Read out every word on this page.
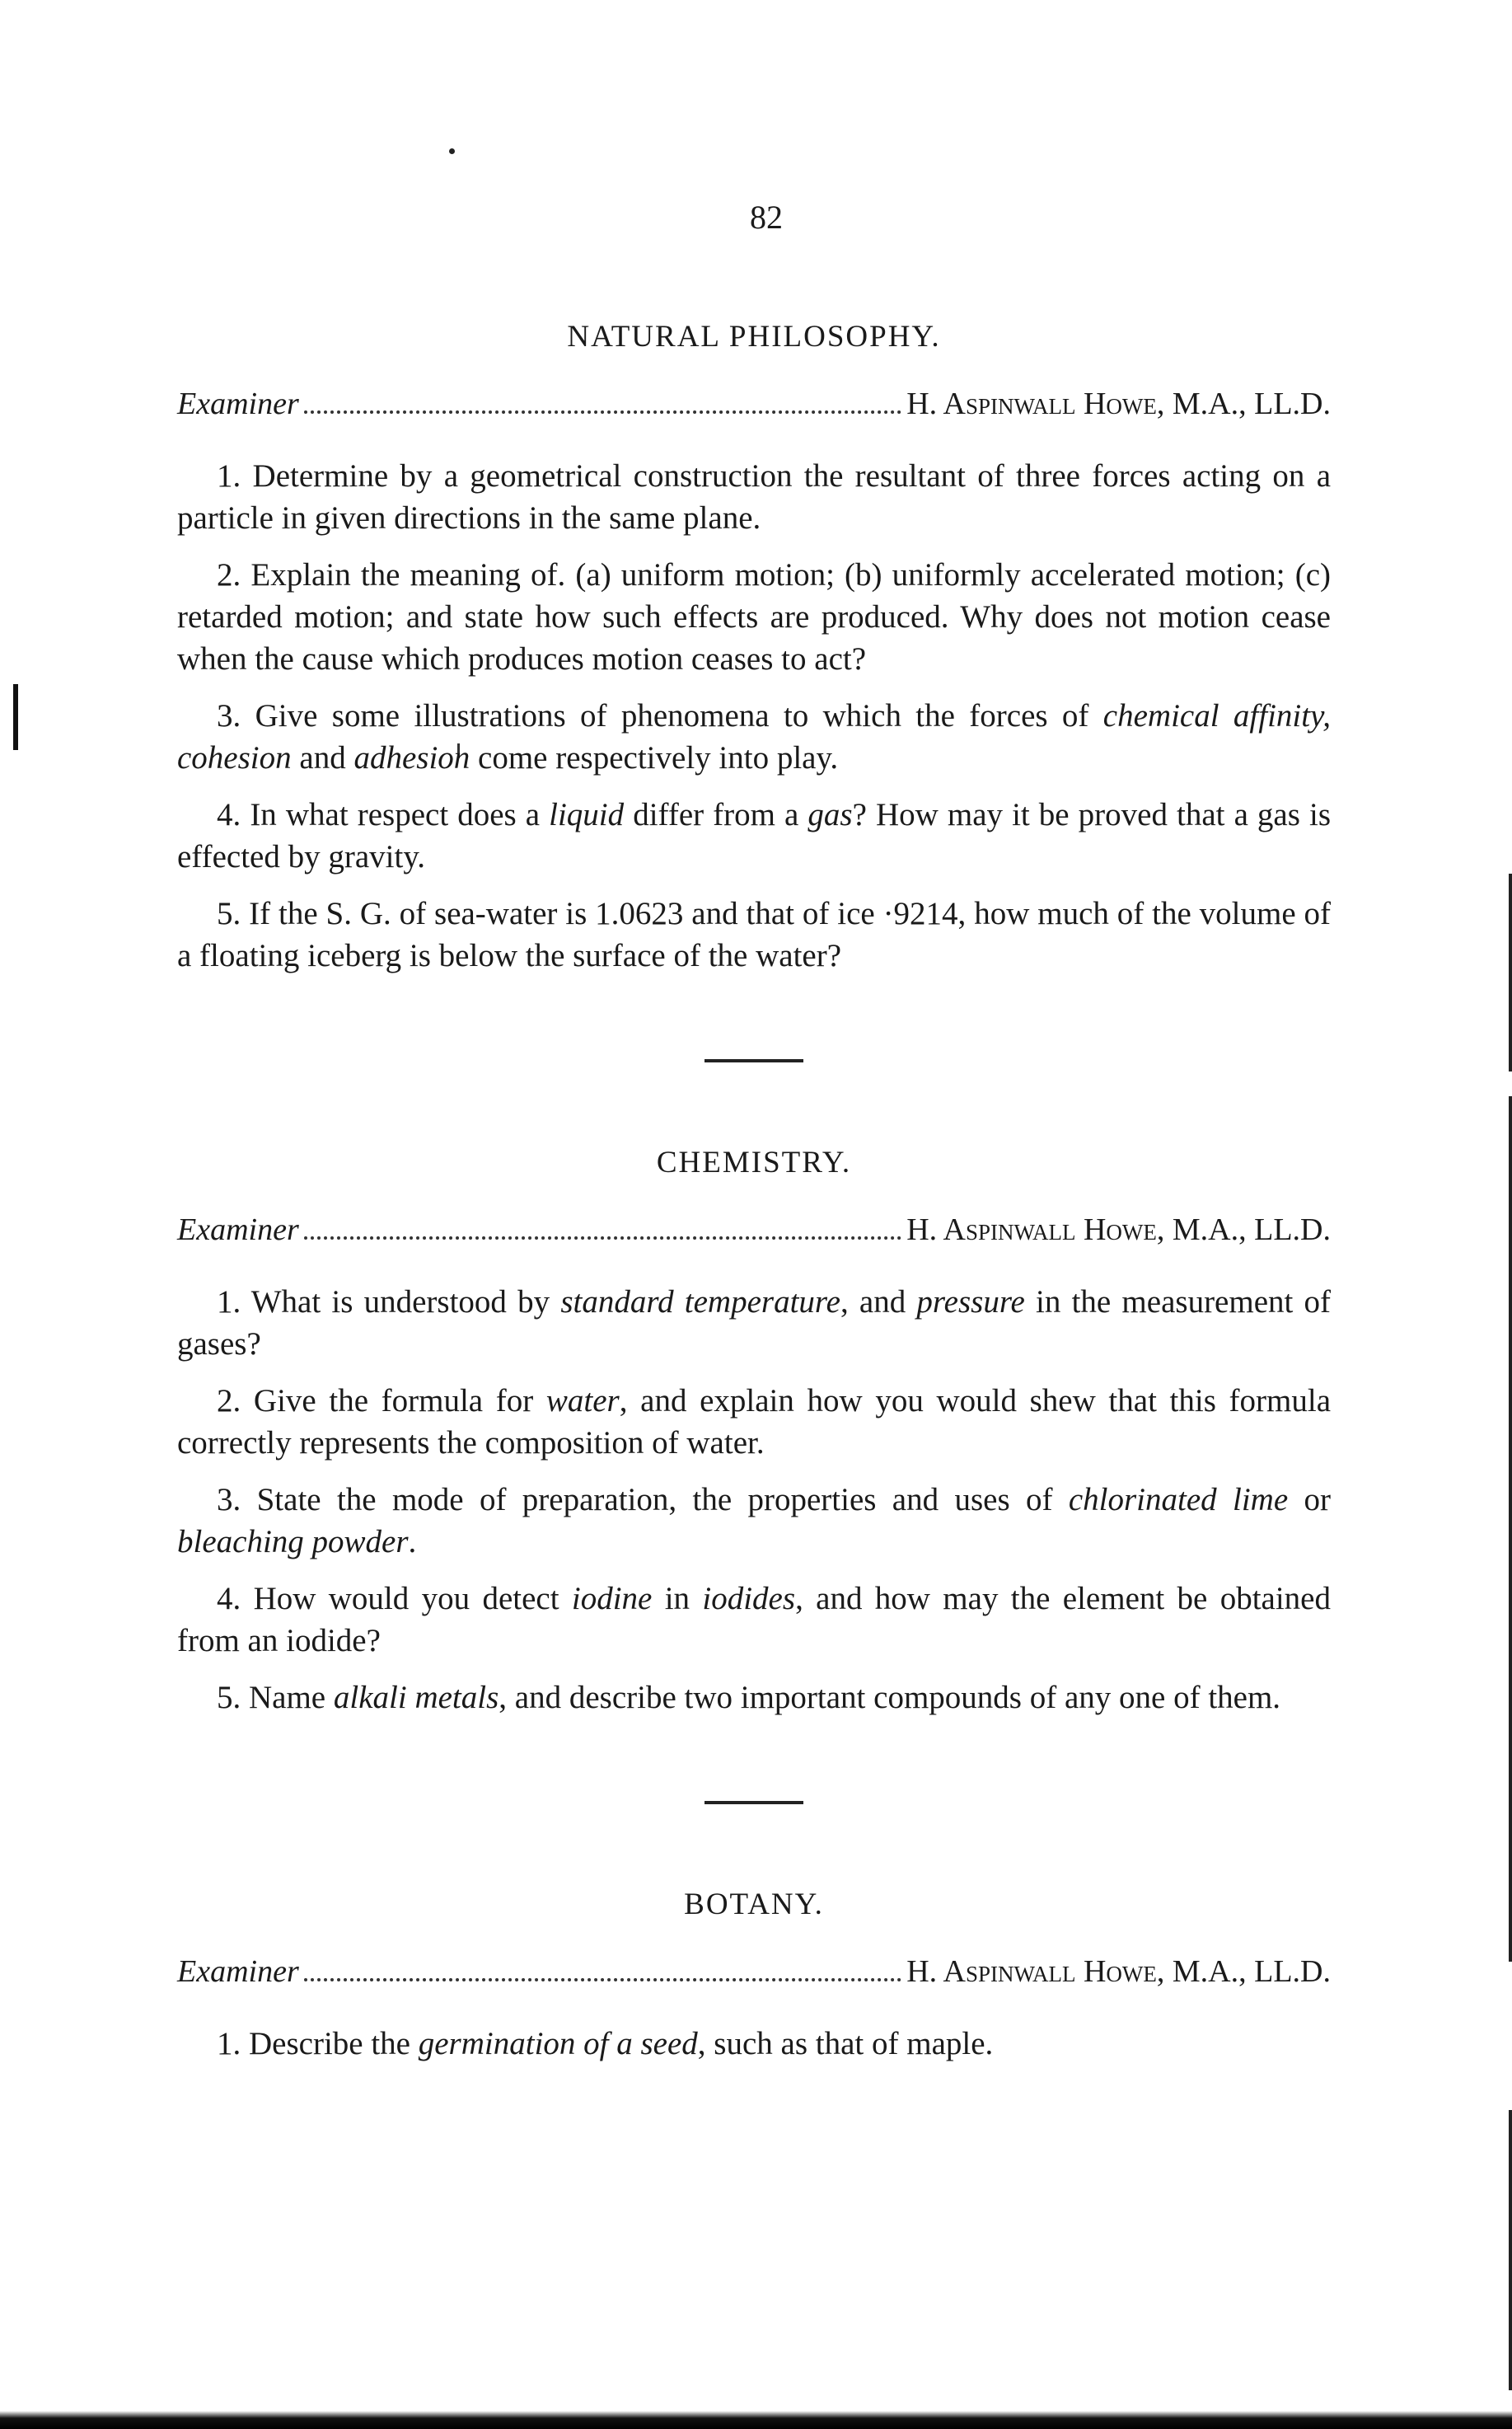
82
NATURAL PHILOSOPHY.
Examiner	H. Aspinwall Howe, M.A., LL.D.

1. Determine by a geometrical construction the resultant of three forces acting on a particle in given directions in the same plane.

2. Explain the meaning of. (a) uniform motion; (b) uniformly accelerated motion; (c) retarded motion; and state how such effects are produced. Why does not motion cease when the cause which produces motion ceases to act?

3. Give some illustrations of phenomena to which the forces of chemical affinity, cohesion and adhesion come respectively into play.

4. In what respect does a liquid differ from a gas? How may it be proved that a gas is effected by gravity.

5. If the S. G. of sea-water is 1.0623 and that of ice ·9214, how much of the volume of a floating iceberg is below the surface of the water?

CHEMISTRY.
Examiner	H. Aspinwall Howe, M.A., LL.D.

1. What is understood by standard temperature, and pressure in the measurement of gases?

2. Give the formula for water, and explain how you would shew that this formula correctly represents the composition of water.

3. State the mode of preparation, the properties and uses of chlorinated lime or bleaching powder.

4. How would you detect iodine in iodides, and how may the element be obtained from an iodide?

5. Name alkali metals, and describe two important compounds of any one of them.

BOTANY.
Examiner	H. Aspinwall Howe, M.A., LL.D.

1. Describe the germination of a seed, such as that of maple.
